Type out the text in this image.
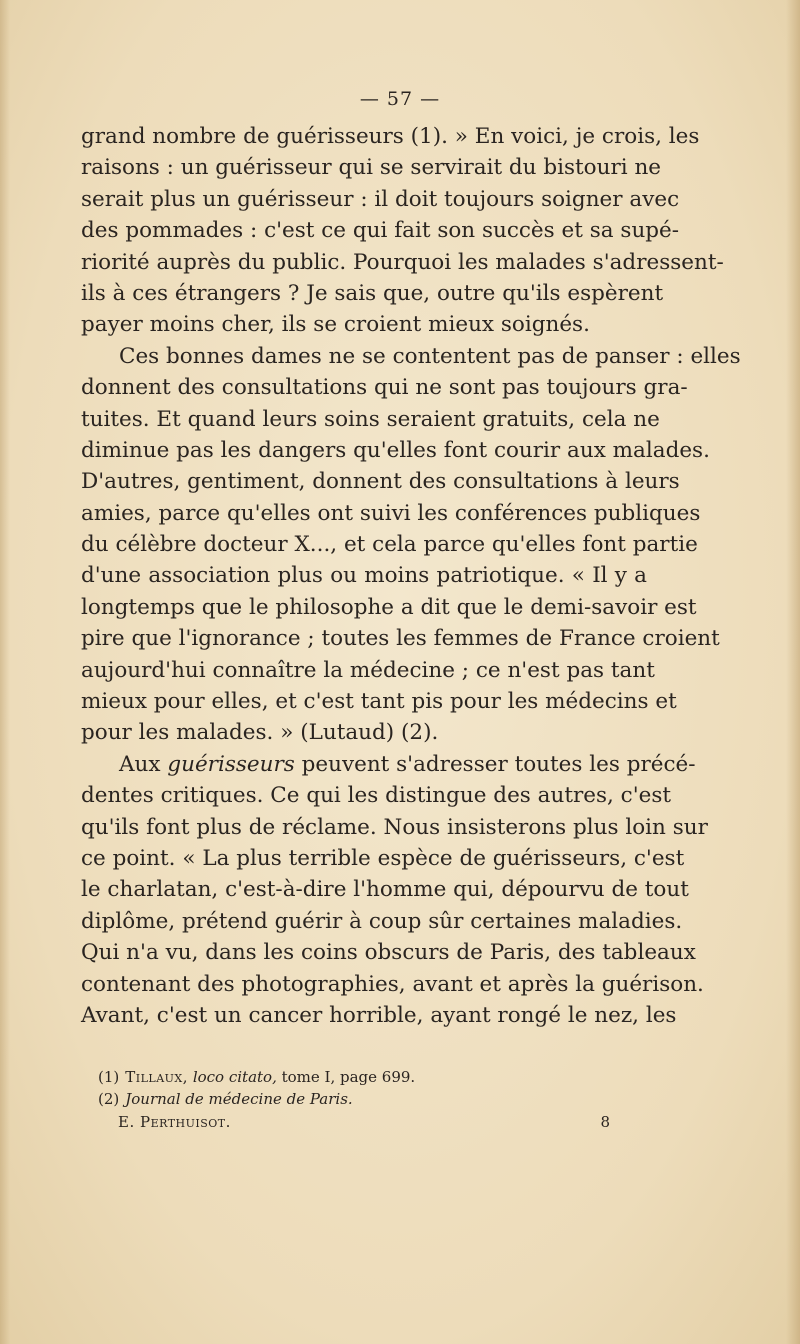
— 57 —
grand nombre de guérisseurs (1). » En voici, je crois, les
raisons : un guérisseur qui se servirait du bistouri ne
serait plus un guérisseur : il doit toujours soigner avec
des pommades : c'est ce qui fait son succès et sa supé-
riorité auprès du public. Pourquoi les malades s'adressent-
ils à ces étrangers ? Je sais que, outre qu'ils espèrent
payer moins cher, ils se croient mieux soignés.
Ces bonnes dames ne se contentent pas de panser : elles
donnent des consultations qui ne sont pas toujours gra-
tuites. Et quand leurs soins seraient gratuits, cela ne
diminue pas les dangers qu'elles font courir aux malades.
D'autres, gentiment, donnent des consultations à leurs
amies, parce qu'elles ont suivi les conférences publiques
du célèbre docteur X..., et cela parce qu'elles font partie
d'une association plus ou moins patriotique. « Il y a
longtemps que le philosophe a dit que le demi-savoir est
pire que l'ignorance ; toutes les femmes de France croient
aujourd'hui connaître la médecine ; ce n'est pas tant
mieux pour elles, et c'est tant pis pour les médecins et
pour les malades. » (Lutaud) (2).
Aux guérisseurs peuvent s'adresser toutes les précé-
dentes critiques. Ce qui les distingue des autres, c'est
qu'ils font plus de réclame. Nous insisterons plus loin sur
ce point. « La plus terrible espèce de guérisseurs, c'est
le charlatan, c'est-à-dire l'homme qui, dépourvu de tout
diplôme, prétend guérir à coup sûr certaines maladies.
Qui n'a vu, dans les coins obscurs de Paris, des tableaux
contenant des photographies, avant et après la guérison.
Avant, c'est un cancer horrible, ayant rongé le nez, les
(1) Tillaux, loco citato, tome I, page 699.
(2) Journal de médecine de Paris.
E. Perthuisot.	8
